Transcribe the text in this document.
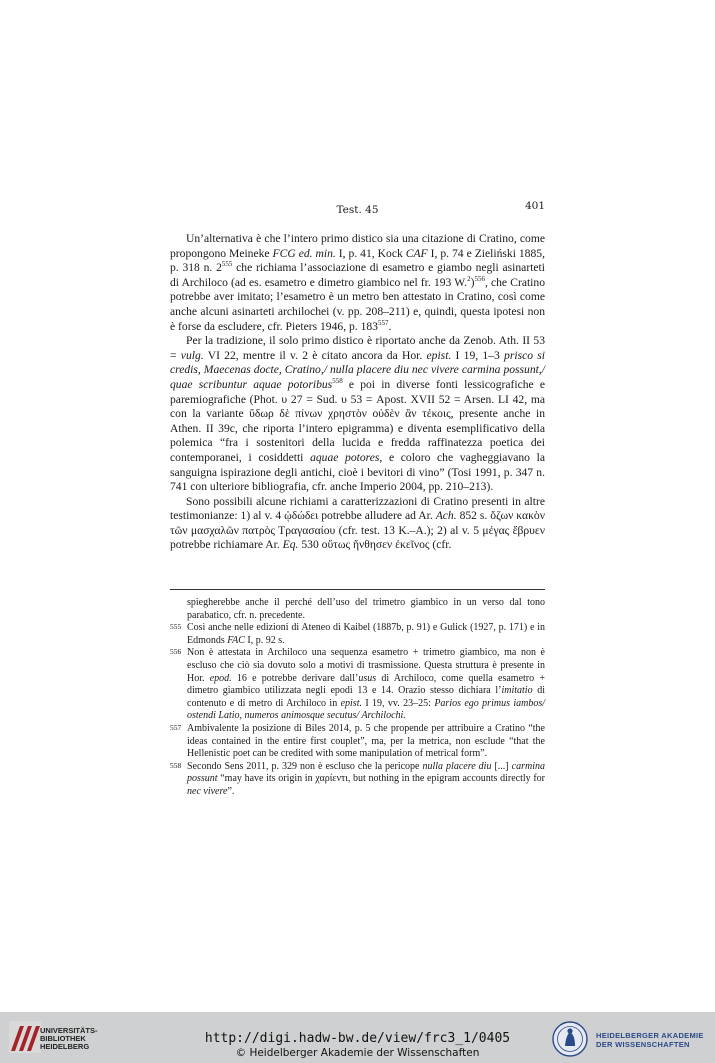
Test. 45	401

Un’alternativa è che l’intero primo distico sia una citazione di Cratino, come propongono Meineke FCG ed. min. I, p. 41, Kock CAF I, p. 74 e Zieliński 1885, p. 318 n. $2^{555}$ che richiama l’associazione di esametro e giambo negli asinarteti di Archiloco (ad es. esametro e dimetro giambico nel fr. 193 W.$^2$)$^{556}$, che Cratino potrebbe aver imitato; l’esametro è un metro ben attestato in Cratino, così come anche alcuni asinarteti archilochei (v. pp. 208–211) e, quindi, questa ipotesi non è forse da escludere, cfr. Pieters 1946, p. $183^{557}$.

Per la tradizione, il solo primo distico è riportato anche da Zenob. Ath. II 53 = vulg. VI 22, mentre il v. 2 è citato ancora da Hor. epist. I 19, 1–3 prisco si credis, Maecenas docte, Cratino,/ nulla placere diu nec vivere carmina possunt,/ quae scribuntur aquae potoribus$^{558}$ e poi in diverse fonti lessicografiche e paremiografiche (Phot. υ 27 = Sud. υ 53 = Apost. XVII 52 = Arsen. LI 42, ma con la variante ὕδωρ δὲ πίνων χρηστὸν οὐδὲν ἂν τέκοις, presente anche in Athen. II 39c, che riporta l’intero epigramma) e diventa esemplificativo della polemica “fra i sostenitori della lucida e fredda raffinatezza poetica dei contemporanei, i cosiddetti aquae potores, e coloro che vagheggiavano la sanguigna ispirazione degli antichi, cioè i bevitori di vino” (Tosi 1991, p. 347 n. 741 con ulteriore bibliografia, cfr. anche Imperio 2004, pp. 210–213).

Sono possibili alcune richiami a caratterizzazioni di Cratino presenti in altre testimonianze: 1) al v. 4 ᾠδώδει potrebbe alludere ad Ar. Ach. 852 s. ὄζων κακὸν τῶν μασχαλῶν πατρὸς Τραγασαίου (cfr. test. 13 K.–A.); 2) al v. 5 μέγας ἔβρυεν potrebbe richiamare Ar. Eq. 530 οὕτως ἤνθησεν ἐκεῖνος (cfr.

spiegherebbe anche il perché dell’uso del trimetro giambico in un verso dal tono parabatico, cfr. n. precedente.
555 Così anche nelle edizioni di Ateneo di Kaibel (1887b, p. 91) e Gulick (1927, p. 171) e in Edmonds FAC I, p. 92 s.
556 Non è attestata in Archiloco una sequenza esametro + trimetro giambico, ma non è escluso che ciò sia dovuto solo a motivi di trasmissione. Questa struttura è presente in Hor. epod. 16 e potrebbe derivare dall’usus di Archiloco, come quella esametro + dimetro giambico utilizzata negli epodi 13 e 14. Orazio stesso dichiara l’imitatio di contenuto e di metro di Archiloco in epist. I 19, vv. 23–25: Parios ego primus iambos/ ostendi Latio, numeros animosque secutus/ Archilochi.
557 Ambivalente la posizione di Biles 2014, p. 5 che propende per attribuire a Cratino “the ideas contained in the entire first couplet”, ma, per la metrica, non esclude “that the Hellenistic poet can be credited with some manipulation of metrical form”.
558 Secondo Sens 2011, p. 329 non è escluso che la pericope nulla placere diu [...] carmina possunt “may have its origin in χαρίεντι, but nothing in the epigram accounts directly for nec vivere”.
UNIVERSITÄTS-
BIBLIOTHEK
HEIDELBERG
http://digi.hadw-bw.de/view/frc3_1/0405
© Heidelberger Akademie der Wissenschaften
HEIDELBERGER AKADEMIE
DER WISSENSCHAFTEN
